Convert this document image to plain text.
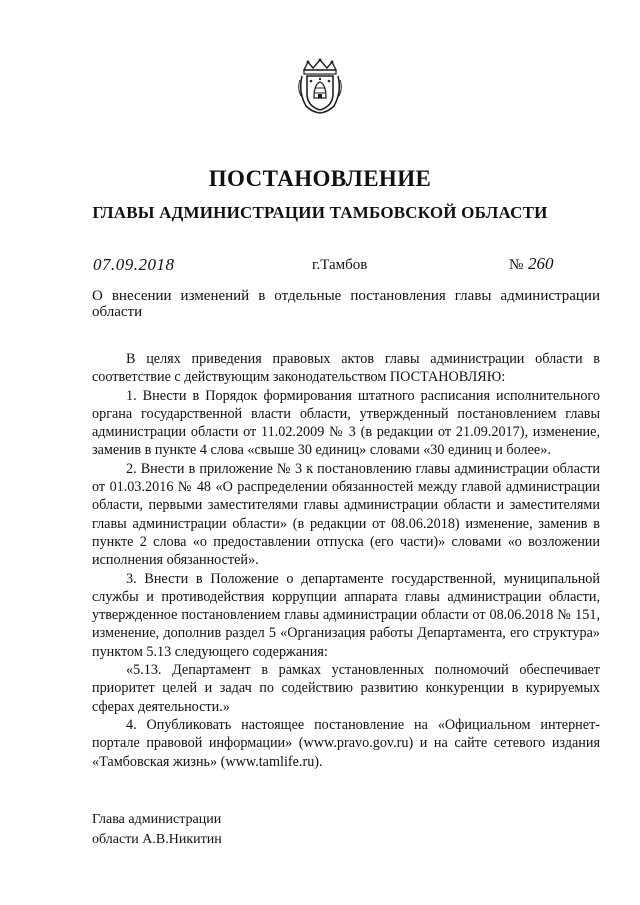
ПОСТАНОВЛЕНИЕ
ГЛАВЫ АДМИНИСТРАЦИИ ТАМБОВСКОЙ ОБЛАСТИ
07.09.2018	г.Тамбов	№ 260
О внесении изменений в отдельные постановления главы администрации области

В целях приведения правовых актов главы администрации области в соответствие с действующим законодательством ПОСТАНОВЛЯЮ:

1. Внести в Порядок формирования штатного расписания исполнительного органа государственной власти области, утвержденный постановлением главы администрации области от 11.02.2009 № 3 (в редакции от 21.09.2017), изменение, заменив в пункте 4 слова «свыше 30 единиц» словами «30 единиц и более».

2. Внести в приложение № 3 к постановлению главы администрации области от 01.03.2016 № 48 «О распределении обязанностей между главой администрации области, первыми заместителями главы администрации области и заместителями главы администрации области» (в редакции от 08.06.2018) изменение, заменив в пункте 2 слова «о предоставлении отпуска (его части)» словами «о возложении исполнения обязанностей».

3. Внести в Положение о департаменте государственной, муниципальной службы и противодействия коррупции аппарата главы администрации области, утвержденное постановлением главы администрации области от 08.06.2018 № 151, изменение, дополнив раздел 5 «Организация работы Департамента, его структура» пунктом 5.13 следующего содержания:

«5.13. Департамент в рамках установленных полномочий обеспечивает приоритет целей и задач по содействию развитию конкуренции в курируемых сферах деятельности.»

4. Опубликовать настоящее постановление на «Официальном интернет-портале правовой информации» (www.pravo.gov.ru) и на сайте сетевого издания «Тамбовская жизнь» (www.tamlife.ru).

Глава администрации
области А.В.Никитин
